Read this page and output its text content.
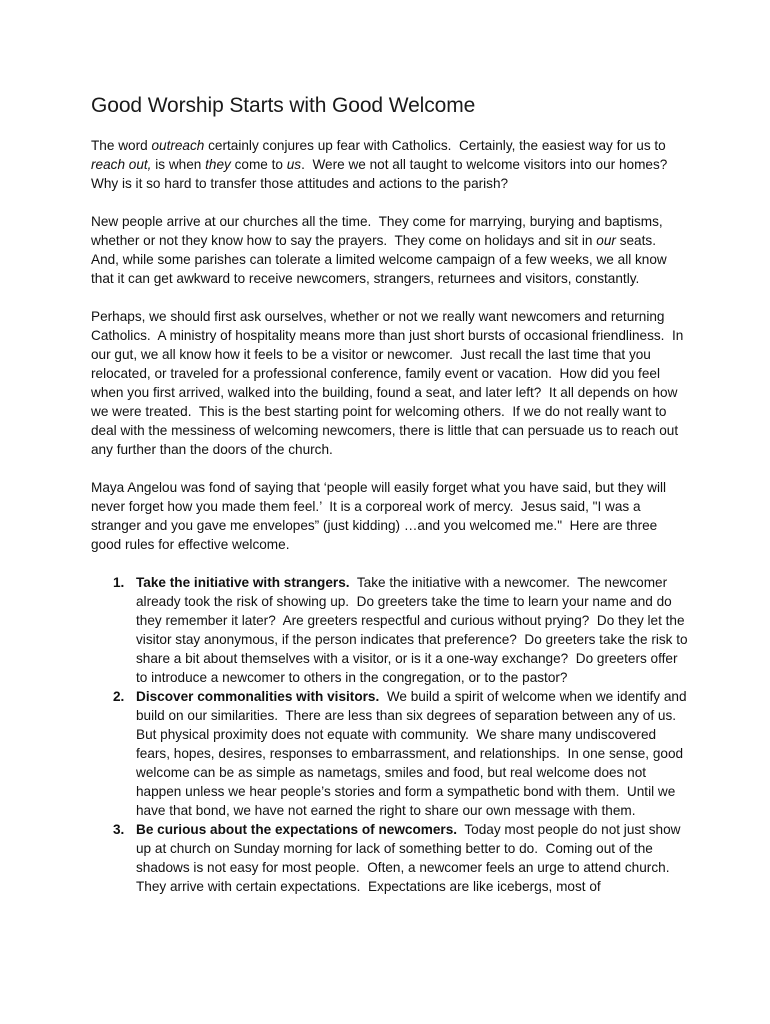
Good Worship Starts with Good Welcome

The word outreach certainly conjures up fear with Catholics.  Certainly, the easiest way for us to reach out, is when they come to us.  Were we not all taught to welcome visitors into our homes?  Why is it so hard to transfer those attitudes and actions to the parish?

New people arrive at our churches all the time.  They come for marrying, burying and baptisms, whether or not they know how to say the prayers.  They come on holidays and sit in our seats.  And, while some parishes can tolerate a limited welcome campaign of a few weeks, we all know that it can get awkward to receive newcomers, strangers, returnees and visitors, constantly.

Perhaps, we should first ask ourselves, whether or not we really want newcomers and returning Catholics.  A ministry of hospitality means more than just short bursts of occasional friendliness.  In our gut, we all know how it feels to be a visitor or newcomer.  Just recall the last time that you relocated, or traveled for a professional conference, family event or vacation.  How did you feel when you first arrived, walked into the building, found a seat, and later left?  It all depends on how we were treated.  This is the best starting point for welcoming others.  If we do not really want to deal with the messiness of welcoming newcomers, there is little that can persuade us to reach out any further than the doors of the church.

Maya Angelou was fond of saying that ‘people will easily forget what you have said, but they will never forget how you made them feel.’  It is a corporeal work of mercy.  Jesus said, "I was a stranger and you gave me envelopes” (just kidding) …and you welcomed me."  Here are three good rules for effective welcome.

1. Take the initiative with strangers.  Take the initiative with a newcomer.  The newcomer already took the risk of showing up.  Do greeters take the time to learn your name and do they remember it later?  Are greeters respectful and curious without prying?  Do they let the visitor stay anonymous, if the person indicates that preference?  Do greeters take the risk to share a bit about themselves with a visitor, or is it a one-way exchange?  Do greeters offer to introduce a newcomer to others in the congregation, or to the pastor?
2. Discover commonalities with visitors.  We build a spirit of welcome when we identify and build on our similarities.  There are less than six degrees of separation between any of us.  But physical proximity does not equate with community.  We share many undiscovered fears, hopes, desires, responses to embarrassment, and relationships.  In one sense, good welcome can be as simple as nametags, smiles and food, but real welcome does not happen unless we hear people’s stories and form a sympathetic bond with them.  Until we have that bond, we have not earned the right to share our own message with them.
3. Be curious about the expectations of newcomers.  Today most people do not just show up at church on Sunday morning for lack of something better to do.  Coming out of the shadows is not easy for most people.  Often, a newcomer feels an urge to attend church.  They arrive with certain expectations.  Expectations are like icebergs, most of
